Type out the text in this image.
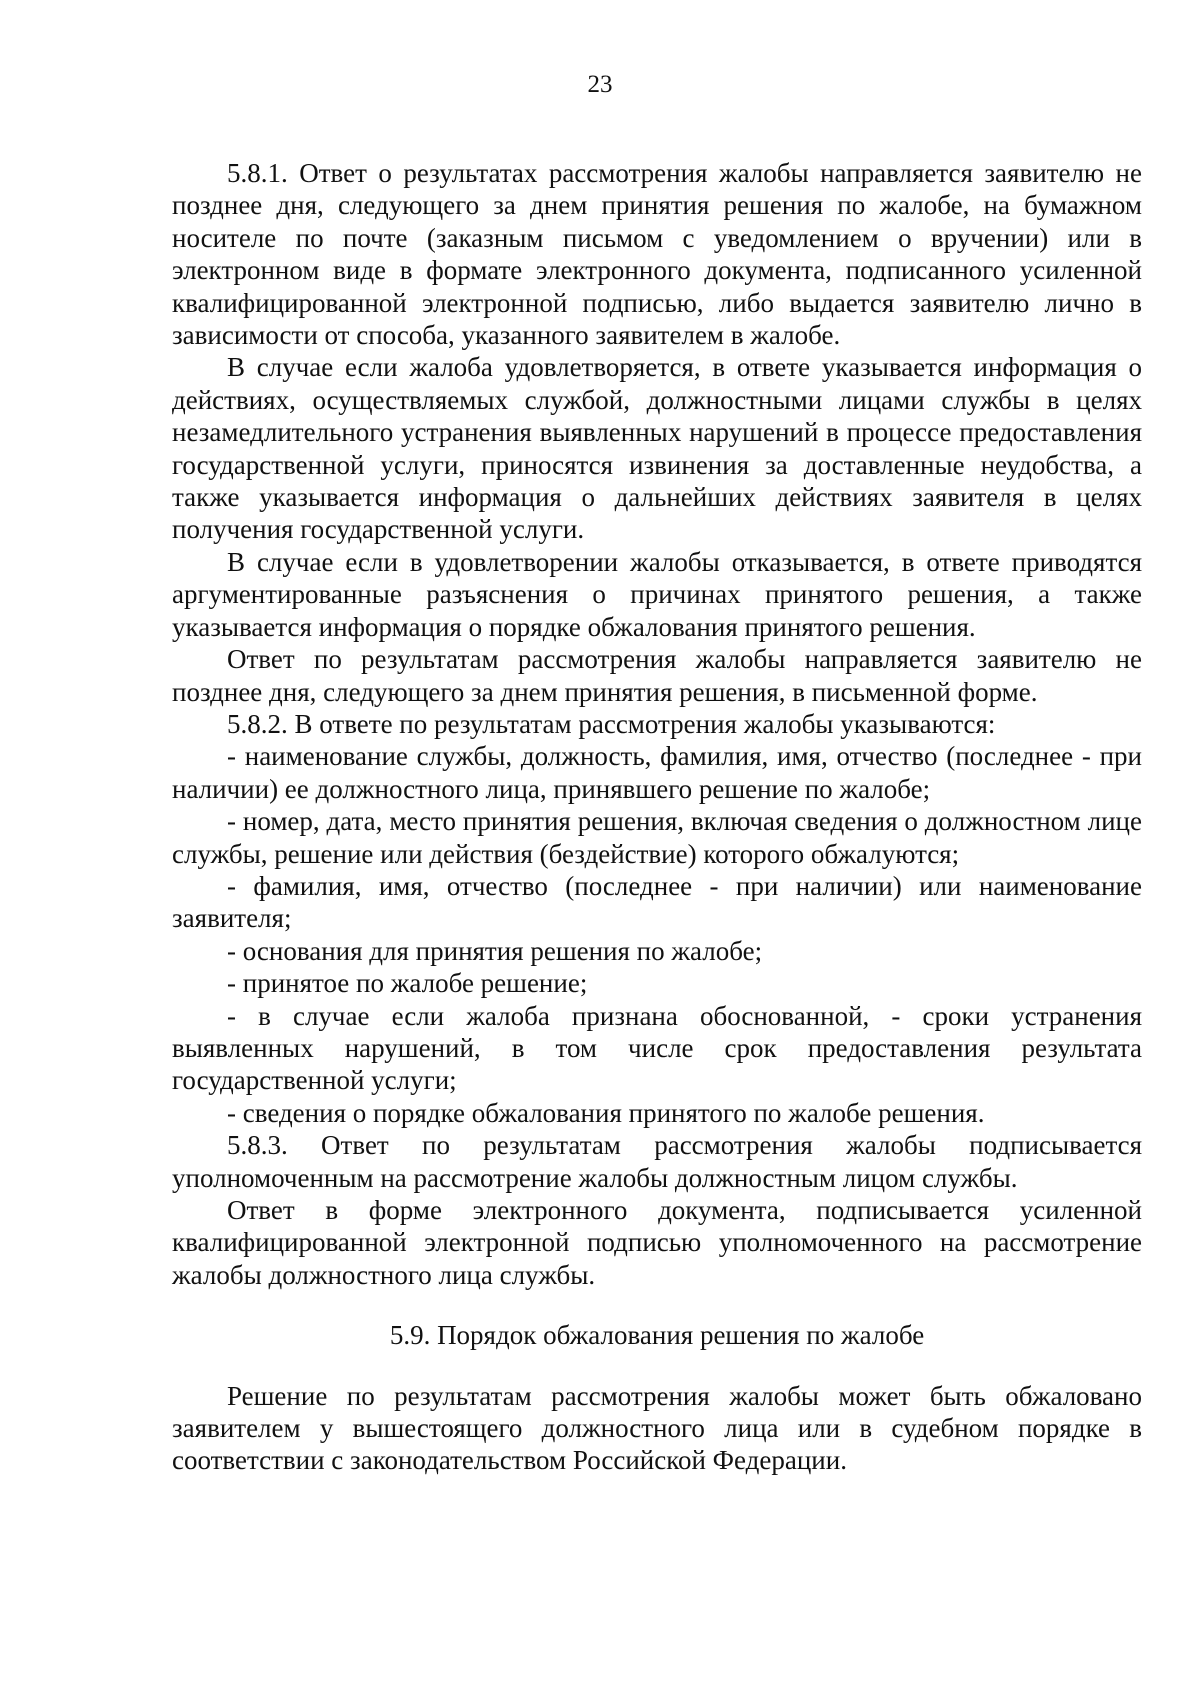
23

5.8.1. Ответ о результатах рассмотрения жалобы направляется заявителю не позднее дня, следующего за днем принятия решения по жалобе, на бумажном носителе по почте (заказным письмом с уведомлением о вручении) или в электронном виде в формате электронного документа, подписанного усиленной квалифицированной электронной подписью, либо выдается заявителю лично в зависимости от способа, указанного заявителем в жалобе.

В случае если жалоба удовлетворяется, в ответе указывается информация о действиях, осуществляемых службой, должностными лицами службы в целях незамедлительного устранения выявленных нарушений в процессе предоставления государственной услуги, приносятся извинения за доставленные неудобства, а также указывается информация о дальнейших действиях заявителя в целях получения государственной услуги.

В случае если в удовлетворении жалобы отказывается, в ответе приводятся аргументированные разъяснения о причинах принятого решения, а также указывается информация о порядке обжалования принятого решения.

Ответ по результатам рассмотрения жалобы направляется заявителю не позднее дня, следующего за днем принятия решения, в письменной форме.

5.8.2. В ответе по результатам рассмотрения жалобы указываются:

- наименование службы, должность, фамилия, имя, отчество (последнее - при наличии) ее должностного лица, принявшего решение по жалобе;

- номер, дата, место принятия решения, включая сведения о должностном лице службы, решение или действия (бездействие) которого обжалуются;

- фамилия, имя, отчество (последнее - при наличии) или наименование заявителя;

- основания для принятия решения по жалобе;

- принятое по жалобе решение;

- в случае если жалоба признана обоснованной, - сроки устранения выявленных нарушений, в том числе срок предоставления результата государственной услуги;

- сведения о порядке обжалования принятого по жалобе решения.

5.8.3. Ответ по результатам рассмотрения жалобы подписывается уполномоченным на рассмотрение жалобы должностным лицом службы.

Ответ в форме электронного документа, подписывается усиленной квалифицированной электронной подписью уполномоченного на рассмотрение жалобы должностного лица службы.

5.9. Порядок обжалования решения по жалобе

Решение по результатам рассмотрения жалобы может быть обжаловано заявителем у вышестоящего должностного лица или в судебном порядке в соответствии с законодательством Российской Федерации.
